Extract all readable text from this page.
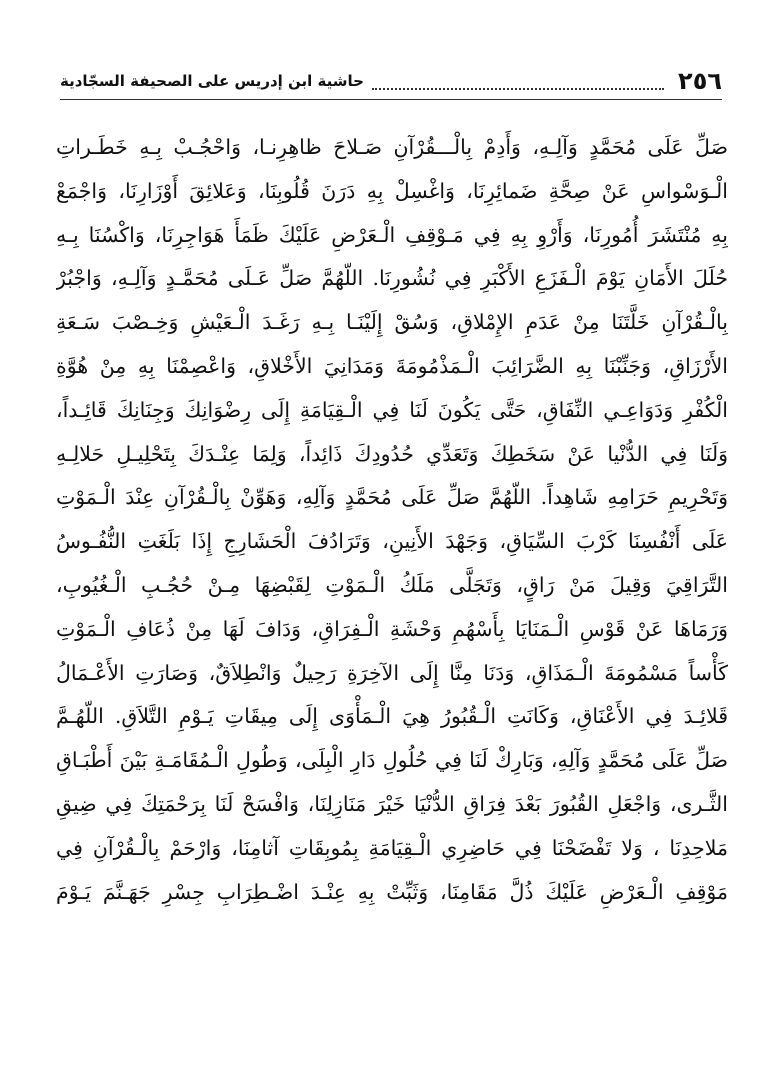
٢٥٦
حاشية ابن إدريس على الصحيفة السجّادية
صَلِّ عَلَى مُحَمَّدٍ وَآلِـهِ، وَأَدِمْ بِالْـــقُرْآنِ صَـلاحَ ظاهِرِنـا، وَاحْجُـبْ بِـهِ خَطَـراتِ
الْـوَسْواسِ عَنْ صِحَّةِ ضَمائِرِنَا، وَاغْسِلْ بِهِ دَرَنَ قُلُوبِنَا، وَعَلائِقَ أَوْزَارِنَا، وَاجْمَعْ
بِهِ مُنْتَشَرَ أُمُورِنَا، وَأَرْوِ بِهِ فِي مَـوْقِفِ الْـعَرْضِ عَلَيْكَ ظَمَأَ هَوَاجِرِنَا، وَاكْسُنَا بِـهِ
حُلَلَ الأَمَانِ يَوْمَ الْـفَزَعِ الأَكْبَرِ فِي نُشُورِنَا. اللّهُمَّ صَلِّ عَـلَى مُحَمَّـدٍ وَآلِـهِ، وَاجْبُرْ
بِالْـقُرْآنِ خَلَّتَنَا مِنْ عَدَمِ الإِمْلاقِ، وَسُقْ إِلَيْنَـا بِـهِ رَغَـدَ الْـعَيْشِ وَخِـصْبَ سَـعَةِ
الأَرْزَاقِ، وَجَنِّبْنَا بِهِ الضَّرَائِبَ الْـمَذْمُومَةَ وَمَدَانِيَ الأَخْلاقِ، وَاعْصِمْنَا بِهِ مِنْ هُوَّةِ
الْكُفْرِ وَدَوَاعِـي النِّفَاقِ، حَتَّى يَكُونَ لَنَا فِي الْـقِيَامَةِ إِلَى رِضْوَانِكَ وَجِنَانِكَ قَائِـداً،
وَلَنَا فِي الدُّنْيا عَنْ سَخَطِكَ وَتَعَدِّي حُدُودِكَ ذَائِداً، وَلِمَا عِنْـدَكَ بِتَحْلِيـلِ حَلالِـهِ
وَتَحْرِيمِ حَرَامِهِ شَاهِداً. اللّهُمَّ صَلِّ عَلَى مُحَمَّدٍ وَآلِهِ، وَهَوِّنْ بِالْـقُرْآنِ عِنْدَ الْـمَوْتِ
عَلَى أَنْفُسِنَا كَرْبَ السِّيَاقِ، وَجَهْدَ الأَنِينِ، وَتَرَادُفَ الْحَشَارِجِ إِذَا بَلَغَتِ النُّفُـوسُ
التَّرَاقِيَ وَقِيلَ مَنْ رَاقٍ، وَتَجَلَّى مَلَكُ الْـمَوْتِ لِقَبْضِهَا مِـنْ حُجُـبِ الْـغُيُوبِ،
وَرَمَاهَا عَنْ قَوْسِ الْـمَنَايَا بِأَسْهُمِ وَحْشَةِ الْـفِرَاقِ، وَدَافَ لَهَا مِنْ ذُعَافِ الْـمَوْتِ
كَأْساً مَسْمُومَةَ الْـمَذَاقِ، وَدَنَا مِنَّا إِلَى الآخِرَةِ رَحِيلٌ وَانْطِلاَقٌ، وَصَارَتِ الأَعْـمَالُ
قَلائِـدَ فِي الأَعْنَاقِ، وَكَانَتِ الْـقُبُورُ هِيَ الْـمَأْوَى إِلَى مِيقَاتِ يَـوْمِ التَّلاَقِ. اللّهُـمَّ
صَلِّ عَلَى مُحَمَّدٍ وَآلِهِ، وَبَارِكْ لَنَا فِي حُلُولِ دَارِ الْبِلَى، وَطُولِ الْـمُقَامَـةِ بَيْنَ أَطْبَـاقِ
الثَّـرى، وَاجْعَلِ القُبُورَ بَعْدَ فِرَاقِ الدُّنْيَا خَيْرَ مَنَازِلِنَا، وَافْسَحْ لَنَا بِرَحْمَتِكَ فِي ضِيقِ
مَلاحِدِنَا ، وَلا تَفْضَحْنَا فِي حَاضِرِي الْـقِيَامَةِ بِمُوبِقَاتِ آثامِنَا، وَارْحَمْ بِالْـقُرْآنِ فِي
مَوْقِفِ الْـعَرْضِ عَلَيْكَ ذُلَّ مَقَامِنَا، وَثَبِّتْ بِهِ عِنْـدَ اضْـطِرَابِ جِسْرِ جَهَـنَّمَ يَـوْمَ
